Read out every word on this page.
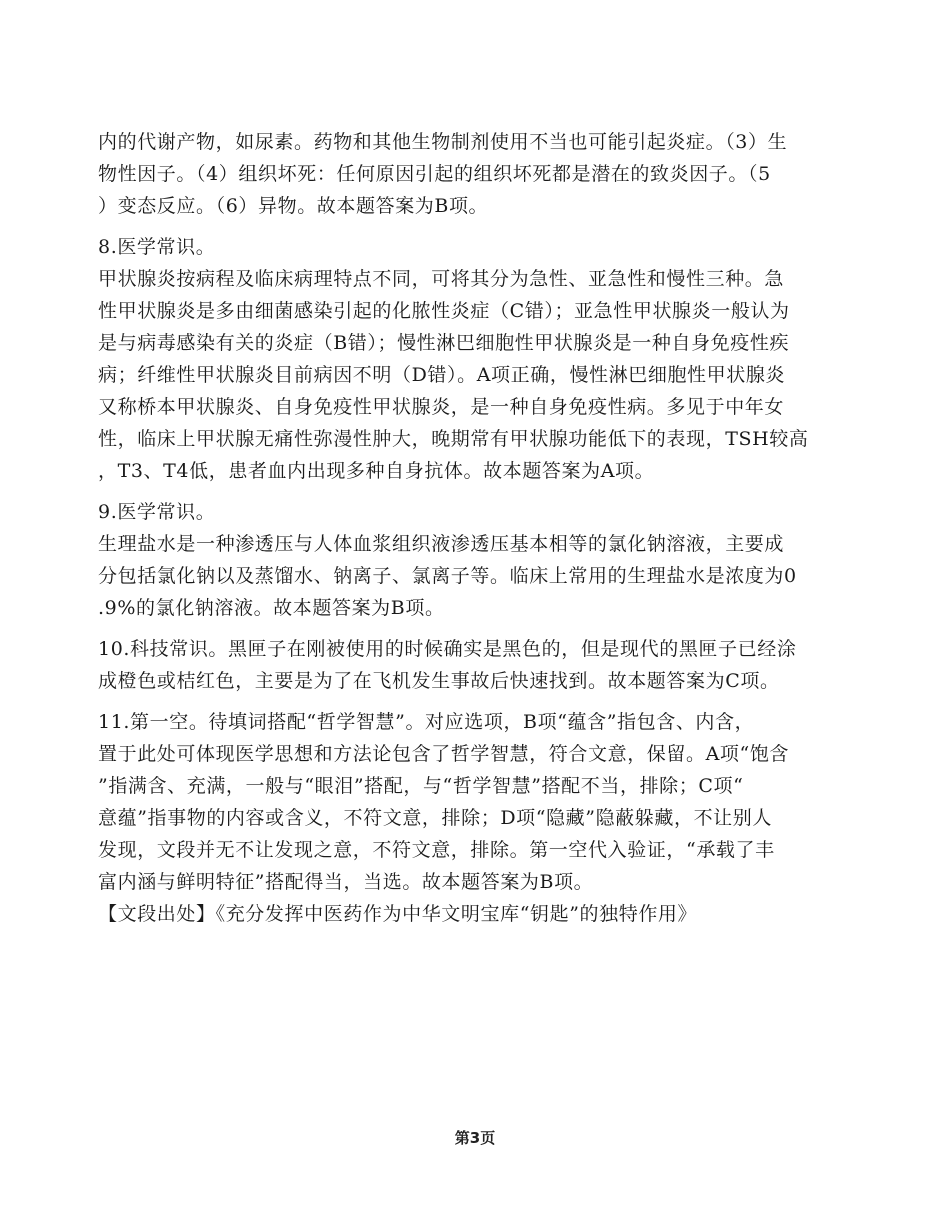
内的代谢产物，如尿素。药物和其他生物制剂使用不当也可能引起炎症。（3）生
物性因子。（4）组织坏死：任何原因引起的组织坏死都是潜在的致炎因子。（5
）变态反应。（6）异物。故本题答案为B项。
8.医学常识。
甲状腺炎按病程及临床病理特点不同，可将其分为急性、亚急性和慢性三种。急
性甲状腺炎是多由细菌感染引起的化脓性炎症（C错）；亚急性甲状腺炎一般认为
是与病毒感染有关的炎症（B错）；慢性淋巴细胞性甲状腺炎是一种自身免疫性疾
病；纤维性甲状腺炎目前病因不明（D错）。A项正确，慢性淋巴细胞性甲状腺炎
又称桥本甲状腺炎、自身免疫性甲状腺炎，是一种自身免疫性病。多见于中年女
性，临床上甲状腺无痛性弥漫性肿大，晚期常有甲状腺功能低下的表现，TSH较高
，T3、T4低，患者血内出现多种自身抗体。故本题答案为A项。
9.医学常识。
生理盐水是一种渗透压与人体血浆组织液渗透压基本相等的氯化钠溶液，主要成
分包括氯化钠以及蒸馏水、钠离子、氯离子等。临床上常用的生理盐水是浓度为0
.9%的氯化钠溶液。故本题答案为B项。
10.科技常识。黑匣子在刚被使用的时候确实是黑色的，但是现代的黑匣子已经涂
成橙色或桔红色，主要是为了在飞机发生事故后快速找到。故本题答案为C项。
11.第一空。待填词搭配“哲学智慧”。对应选项，B项“蕴含”指包含、内含，
置于此处可体现医学思想和方法论包含了哲学智慧，符合文意，保留。A项“饱含
”指满含、充满，一般与“眼泪”搭配，与“哲学智慧”搭配不当，排除；C项“
意蕴”指事物的内容或含义，不符文意，排除；D项“隐藏”隐蔽躲藏，不让别人
发现，文段并无不让发现之意，不符文意，排除。第一空代入验证，“承载了丰
富内涵与鲜明特征”搭配得当，当选。故本题答案为B项。
【文段出处】《充分发挥中医药作为中华文明宝库“钥匙”的独特作用》
第3页
